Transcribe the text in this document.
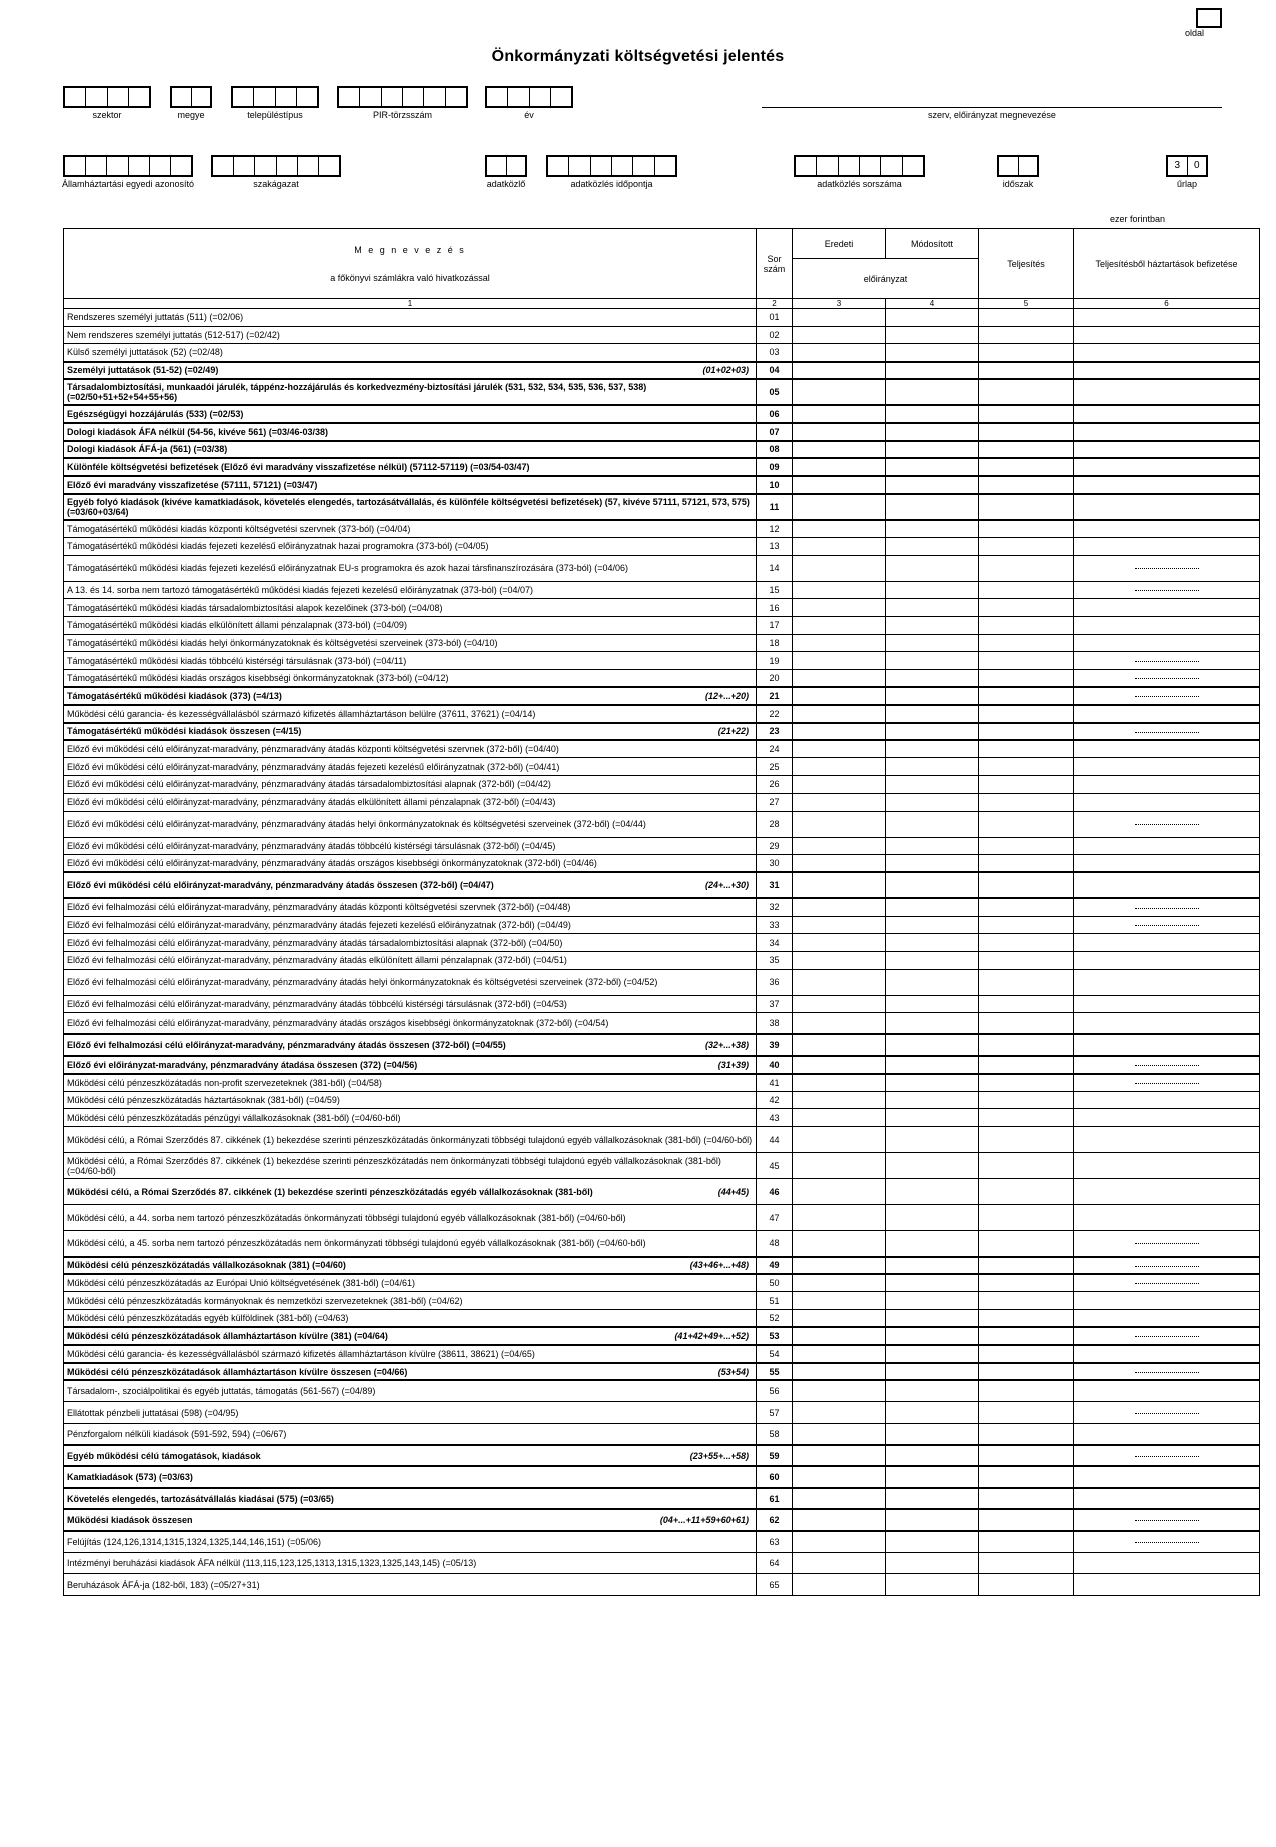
oldal
Önkormányzati költségvetési jelentés
szektor	megye	településtípus	PIR-törzsszám	év	szerv, előirányzat megnevezése
Államháztartási egyedi azonosító	szakágazat	adatközlő	adatközlés időpontja	adatközlés sorszáma	időszak
3	0
űrlap
ezer forintban
M e g n e v e z é s
a főkönyvi számlákra való hivatkozással	Sor szám	Eredeti	Módosított	Teljesítés	Teljesítésből háztartások befizetése
		előirányzat			
1	2	3	4	5	6

Rendszeres személyi juttatás (511) (=02/06)	01				

Nem rendszeres személyi juttatás (512-517) (=02/42)	02				

Külső személyi juttatások (52) (=02/48)	03				

Személyi juttatások (51-52) (=02/49) (01+02+03)	04				

Társadalombiztosítási, munkaadói járulék, táppénz-hozzájárulás és korkedvezmény-biztosítási járulék (531, 532, 534, 535, 536, 537, 538) (=02/50+51+52+54+55+56)	05				

Egészségügyi hozzájárulás (533) (=02/53)	06				

Dologi kiadások ÁFA nélkül (54-56, kivéve 561) (=03/46-03/38)	07				

Dologi kiadások ÁFÁ-ja (561) (=03/38)	08				

Különféle költségvetési befizetések (Előző évi maradvány visszafizetése nélkül) (57112-57119) (=03/54-03/47)	09				

Előző évi maradvány visszafizetése (57111, 57121) (=03/47)	10				

Egyéb folyó kiadások (kivéve kamatkiadások, követelés elengedés, tartozásátvállalás, és különféle költségvetési befizetések) (57, kivéve 57111, 57121, 573, 575) (=03/60+03/64)	11				

Támogatásértékű működési kiadás központi költségvetési szervnek (373-ból) (=04/04)	12				

Támogatásértékű működési kiadás fejezeti kezelésű előirányzatnak hazai programokra (373-ból) (=04/05)	13				

Támogatásértékű működési kiadás fejezeti kezelésű előirányzatnak EU-s programokra és azok hazai társfinanszírozására (373-ból) (=04/06)	14				

A 13. és 14. sorba nem tartozó támogatásértékű működési kiadás fejezeti kezelésű előirányzatnak (373-ból) (=04/07)	15				

Támogatásértékű működési kiadás társadalombiztosítási alapok kezelőinek (373-ból) (=04/08)	16				

Támogatásértékű működési kiadás elkülönített állami pénzalapnak (373-ból) (=04/09)	17				

Támogatásértékű működési kiadás helyi önkormányzatoknak és költségvetési szerveinek (373-ból) (=04/10)	18				

Támogatásértékű működési kiadás többcélú kistérségi társulásnak (373-ból) (=04/11)	19				

Támogatásértékű működési kiadás országos kisebbségi önkormányzatoknak (373-ból) (=04/12)	20				

Támogatásértékű működési kiadások (373) (=4/13) (12+...+20)	21				

Működési célú garancia- és kezességvállalásból származó kifizetés államháztartáson belülre (37611, 37621) (=04/14)	22				

Támogatásértékű működési kiadások összesen (=4/15) (21+22)	23				

Előző évi működési célú előirányzat-maradvány, pénzmaradvány átadás központi költségvetési szervnek (372-ből) (=04/40)	24				

Előző évi működési célú előirányzat-maradvány, pénzmaradvány átadás fejezeti kezelésű előirányzatnak (372-ből) (=04/41)	25				

Előző évi működési célú előirányzat-maradvány, pénzmaradvány átadás társadalombiztosítási alapnak (372-ből) (=04/42)	26				

Előző évi működési célú előirányzat-maradvány, pénzmaradvány átadás elkülönített állami pénzalapnak (372-ből) (=04/43)	27				

Előző évi működési célú előirányzat-maradvány, pénzmaradvány átadás helyi önkormányzatoknak és költségvetési szerveinek (372-ből) (=04/44)	28				

Előző évi működési célú előirányzat-maradvány, pénzmaradvány átadás többcélú kistérségi társulásnak (372-ből) (=04/45)	29				

Előző évi működési célú előirányzat-maradvány, pénzmaradvány átadás országos kisebbségi önkormányzatoknak (372-ből) (=04/46)	30				

Előző évi működési célú előirányzat-maradvány, pénzmaradvány átadás összesen (372-ből) (=04/47) (24+...+30)	31				

Előző évi felhalmozási célú előirányzat-maradvány, pénzmaradvány átadás központi költségvetési szervnek (372-ből) (=04/48)	32				

Előző évi felhalmozási célú előirányzat-maradvány, pénzmaradvány átadás fejezeti kezelésű előirányzatnak (372-ből) (=04/49)	33				

Előző évi felhalmozási célú előirányzat-maradvány, pénzmaradvány átadás társadalombiztosítási alapnak (372-ből) (=04/50)	34				

Előző évi felhalmozási célú előirányzat-maradvány, pénzmaradvány átadás elkülönített állami pénzalapnak (372-ből) (=04/51)	35				

Előző évi felhalmozási célú előirányzat-maradvány, pénzmaradvány átadás helyi önkormányzatoknak és költségvetési szerveinek (372-ből) (=04/52)	36				

Előző évi felhalmozási célú előirányzat-maradvány, pénzmaradvány átadás többcélú kistérségi társulásnak (372-ből) (=04/53)	37				

Előző évi felhalmozási célú előirányzat-maradvány, pénzmaradvány átadás országos kisebbségi önkormányzatoknak (372-ből) (=04/54)	38				

Előző évi felhalmozási célú előirányzat-maradvány, pénzmaradvány átadás összesen (372-ből) (=04/55) (32+...+38)	39				

Előző évi előirányzat-maradvány, pénzmaradvány átadása összesen (372) (=04/56) (31+39)	40				

Működési célú pénzeszközátadás non-profit szervezeteknek (381-ből) (=04/58)	41				

Működési célú pénzeszközátadás háztartásoknak (381-ből) (=04/59)	42				

Működési célú pénzeszközátadás pénzügyi vállalkozásoknak (381-ből) (=04/60-ből)	43				

Működési célú, a Római Szerződés 87. cikkének (1) bekezdése szerinti pénzeszközátadás önkormányzati többségi tulajdonú egyéb vállalkozásoknak (381-ből) (=04/60-ből)	44				

Működési célú, a Római Szerződés 87. cikkének (1) bekezdése szerinti pénzeszközátadás nem önkormányzati többségi tulajdonú egyéb vállalkozásoknak (381-ből) (=04/60-ből)	45				

Működési célú, a Római Szerződés 87. cikkének (1) bekezdése szerinti pénzeszközátadás egyéb vállalkozásoknak (381-ből) (44+45)	46				

Működési célú, a 44. sorba nem tartozó pénzeszközátadás önkormányzati többségi tulajdonú egyéb vállalkozásoknak (381-ből) (=04/60-ből)	47				

Működési célú, a 45. sorba nem tartozó pénzeszközátadás nem önkormányzati többségi tulajdonú egyéb vállalkozásoknak (381-ből) (=04/60-ből)	48				

Működési célú pénzeszközátadás vállalkozásoknak (381) (=04/60) (43+46+...+48)	49				

Működési célú pénzeszközátadás az Európai Unió költségvetésének (381-ből) (=04/61)	50				

Működési célú pénzeszközátadás kormányoknak és nemzetközi szervezeteknek (381-ből) (=04/62)	51				

Működési célú pénzeszközátadás egyéb külföldinek (381-ből) (=04/63)	52				

Működési célú pénzeszközátadások államháztartáson kívülre (381) (=04/64) (41+42+49+...+52)	53				

Működési célú garancia- és kezességvállalásból származó kifizetés államháztartáson kívülre (38611, 38621) (=04/65)	54				

Működési célú pénzeszközátadások államháztartáson kívülre összesen (=04/66) (53+54)	55				

Társadalom-, szociálpolitikai és egyéb juttatás, támogatás (561-567) (=04/89)	56				

Ellátottak pénzbeli juttatásai (598) (=04/95)	57				

Pénzforgalom nélküli kiadások (591-592, 594) (=06/67)	58				

Egyéb működési célú támogatások, kiadások (23+55+...+58)	59				

Kamatkiadások (573) (=03/63)	60				

Követelés elengedés, tartozásátvállalás kiadásai (575) (=03/65)	61				

Működési kiadások összesen (04+...+11+59+60+61)	62				

Felújítás (124,126,1314,1315,1324,1325,144,146,151) (=05/06)	63				

Intézményi beruházási kiadások ÁFA nélkül (113,115,123,125,1313,1315,1323,1325,143,145) (=05/13)	64				

Beruházások ÁFÁ-ja (182-ből, 183) (=05/27+31)	65				
